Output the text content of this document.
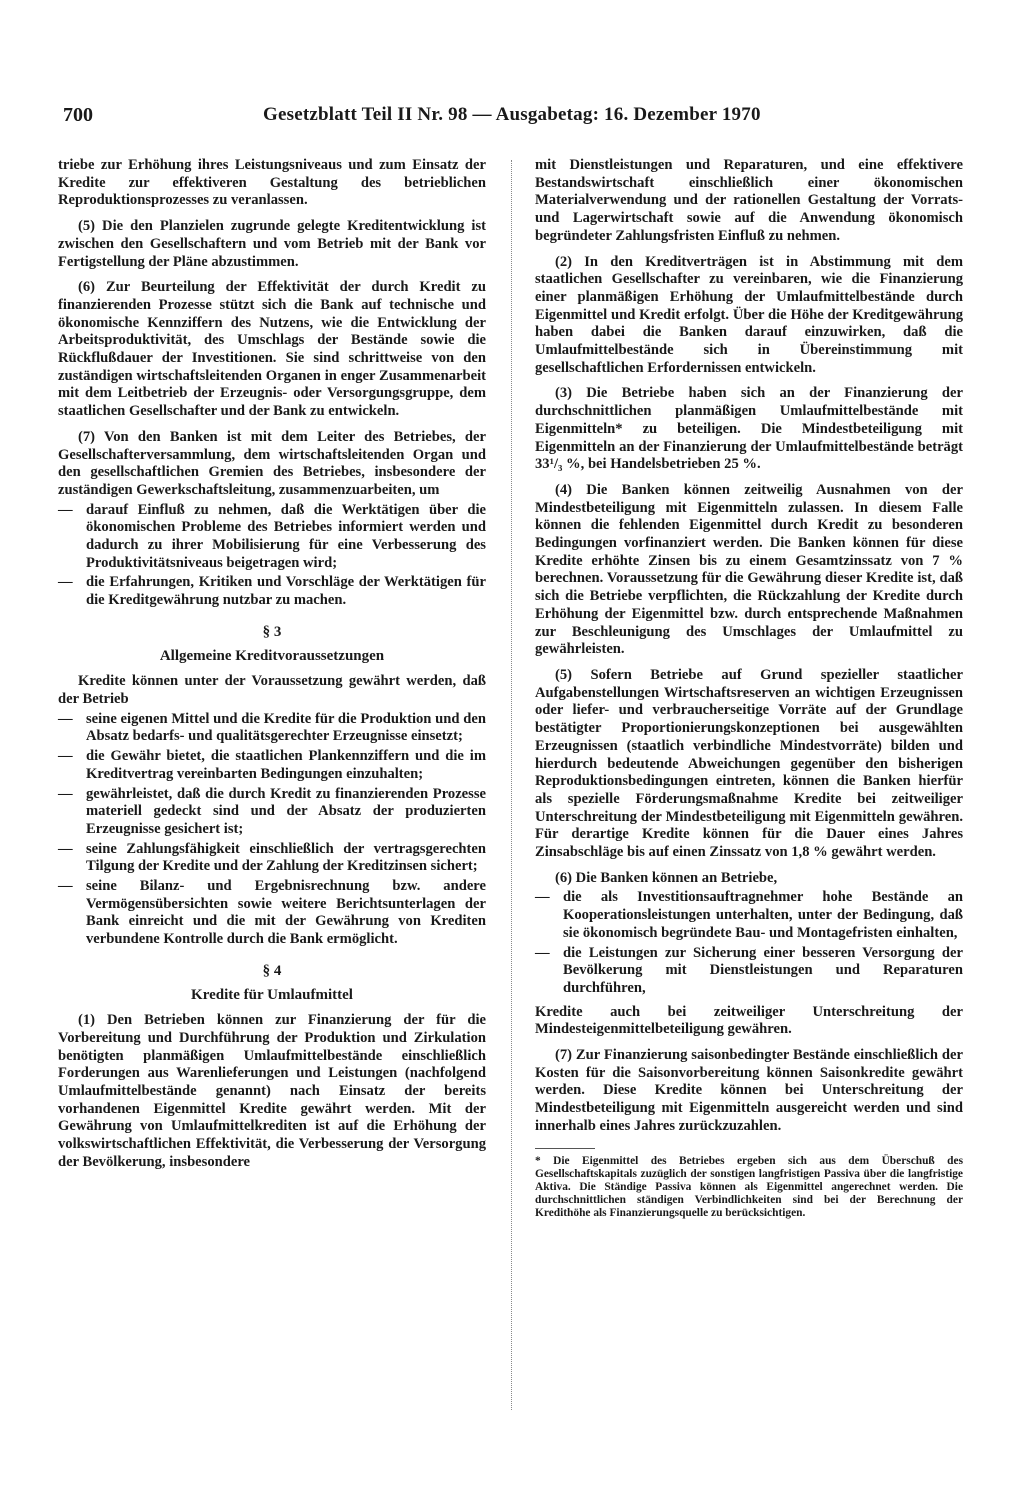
700	Gesetzblatt Teil II Nr. 98 — Ausgabetag: 16. Dezember 1970

triebe zur Erhöhung ihres Leistungsniveaus und zum Einsatz der Kredite zur effektiveren Gestaltung des betrieblichen Reproduktionsprozesses zu veranlassen.

(5) Die den Planzielen zugrunde gelegte Kreditentwicklung ist zwischen den Gesellschaftern und vom Betrieb mit der Bank vor Fertigstellung der Pläne abzustimmen.

(6) Zur Beurteilung der Effektivität der durch Kredit zu finanzierenden Prozesse stützt sich die Bank auf technische und ökonomische Kennziffern des Nutzens, wie die Entwicklung der Arbeitsproduktivität, des Umschlags der Bestände sowie die Rückflußdauer der Investitionen. Sie sind schrittweise von den zuständigen wirtschaftsleitenden Organen in enger Zusammenarbeit mit dem Leitbetrieb der Erzeugnis- oder Versorgungsgruppe, dem staatlichen Gesellschafter und der Bank zu entwickeln.

(7) Von den Banken ist mit dem Leiter des Betriebes, der Gesellschafterversammlung, dem wirtschaftsleitenden Organ und den gesellschaftlichen Gremien des Betriebes, insbesondere der zuständigen Gewerkschaftsleitung, zusammenzuarbeiten, um

— darauf Einfluß zu nehmen, daß die Werktätigen über die ökonomischen Probleme des Betriebes informiert werden und dadurch zu ihrer Mobilisierung für eine Verbesserung des Produktivitätsniveaus beigetragen wird;
— die Erfahrungen, Kritiken und Vorschläge der Werktätigen für die Kreditgewährung nutzbar zu machen.
§ 3
Allgemeine Kreditvoraussetzungen

Kredite können unter der Voraussetzung gewährt werden, daß der Betrieb

— seine eigenen Mittel und die Kredite für die Produktion und den Absatz bedarfs- und qualitätsgerechter Erzeugnisse einsetzt;
— die Gewähr bietet, die staatlichen Plankennziffern und die im Kreditvertrag vereinbarten Bedingungen einzuhalten;
— gewährleistet, daß die durch Kredit zu finanzierenden Prozesse materiell gedeckt sind und der Absatz der produzierten Erzeugnisse gesichert ist;
— seine Zahlungsfähigkeit einschließlich der vertragsgerechten Tilgung der Kredite und der Zahlung der Kreditzinsen sichert;
— seine Bilanz- und Ergebnisrechnung bzw. andere Vermögensübersichten sowie weitere Berichtsunterlagen der Bank einreicht und die mit der Gewährung von Krediten verbundene Kontrolle durch die Bank ermöglicht.
§ 4
Kredite für Umlaufmittel

(1) Den Betrieben können zur Finanzierung der für die Vorbereitung und Durchführung der Produktion und Zirkulation benötigten planmäßigen Umlaufmittelbestände einschließlich Forderungen aus Warenlieferungen und Leistungen (nachfolgend Umlaufmittelbestände genannt) nach Einsatz der bereits vorhandenen Eigenmittel Kredite gewährt werden. Mit der Gewährung von Umlaufmittelkrediten ist auf die Erhöhung der volkswirtschaftlichen Effektivität, die Verbesserung der Versorgung der Bevölkerung, insbesondere

mit Dienstleistungen und Reparaturen, und eine effektivere Bestandswirtschaft einschließlich einer ökonomischen Materialverwendung und der rationellen Gestaltung der Vorrats- und Lagerwirtschaft sowie auf die Anwendung ökonomisch begründeter Zahlungsfristen Einfluß zu nehmen.

(2) In den Kreditverträgen ist in Abstimmung mit dem staatlichen Gesellschafter zu vereinbaren, wie die Finanzierung einer planmäßigen Erhöhung der Umlaufmittelbestände durch Eigenmittel und Kredit erfolgt. Über die Höhe der Kreditgewährung haben dabei die Banken darauf einzuwirken, daß die Umlaufmittelbestände sich in Übereinstimmung mit gesellschaftlichen Erfordernissen entwickeln.

(3) Die Betriebe haben sich an der Finanzierung der durchschnittlichen planmäßigen Umlaufmittelbestände mit Eigenmitteln* zu beteiligen. Die Mindestbeteiligung mit Eigenmitteln an der Finanzierung der Umlaufmittelbestände beträgt 33¹/₃ %, bei Handelsbetrieben 25 %.

(4) Die Banken können zeitweilig Ausnahmen von der Mindestbeteiligung mit Eigenmitteln zulassen. In diesem Falle können die fehlenden Eigenmittel durch Kredit zu besonderen Bedingungen vorfinanziert werden. Die Banken können für diese Kredite erhöhte Zinsen bis zu einem Gesamtzinssatz von 7 % berechnen. Voraussetzung für die Gewährung dieser Kredite ist, daß sich die Betriebe verpflichten, die Rückzahlung der Kredite durch Erhöhung der Eigenmittel bzw. durch entsprechende Maßnahmen zur Beschleunigung des Umschlages der Umlaufmittel zu gewährleisten.

(5) Sofern Betriebe auf Grund spezieller staatlicher Aufgabenstellungen Wirtschaftsreserven an wichtigen Erzeugnissen oder liefer- und verbraucherseitige Vorräte auf der Grundlage bestätigter Proportionierungskonzeptionen bei ausgewählten Erzeugnissen (staatlich verbindliche Mindestvorräte) bilden und hierdurch bedeutende Abweichungen gegenüber den bisherigen Reproduktionsbedingungen eintreten, können die Banken hierfür als spezielle Förderungsmaßnahme Kredite bei zeitweiliger Unterschreitung der Mindestbeteiligung mit Eigenmitteln gewähren. Für derartige Kredite können für die Dauer eines Jahres Zinsabschläge bis auf einen Zinssatz von 1,8 % gewährt werden.

(6) Die Banken können an Betriebe,

— die als Investitionsauftragnehmer hohe Bestände an Kooperationsleistungen unterhalten, unter der Bedingung, daß sie ökonomisch begründete Bau- und Montagefristen einhalten,
— die Leistungen zur Sicherung einer besseren Versorgung der Bevölkerung mit Dienstleistungen und Reparaturen durchführen,

Kredite auch bei zeitweiliger Unterschreitung der Mindesteigenmittelbeteiligung gewähren.

(7) Zur Finanzierung saisonbedingter Bestände einschließlich der Kosten für die Saisonvorbereitung können Saisonkredite gewährt werden. Diese Kredite können bei Unterschreitung der Mindestbeteiligung mit Eigenmitteln ausgereicht werden und sind innerhalb eines Jahres zurückzuzahlen.

* Die Eigenmittel des Betriebes ergeben sich aus dem Überschuß des Gesellschaftskapitals zuzüglich der sonstigen langfristigen Passiva über die langfristige Aktiva. Die Ständige Passiva können als Eigenmittel angerechnet werden. Die durchschnittlichen ständigen Verbindlichkeiten sind bei der Berechnung der Kredithöhe als Finanzierungsquelle zu berücksichtigen.
